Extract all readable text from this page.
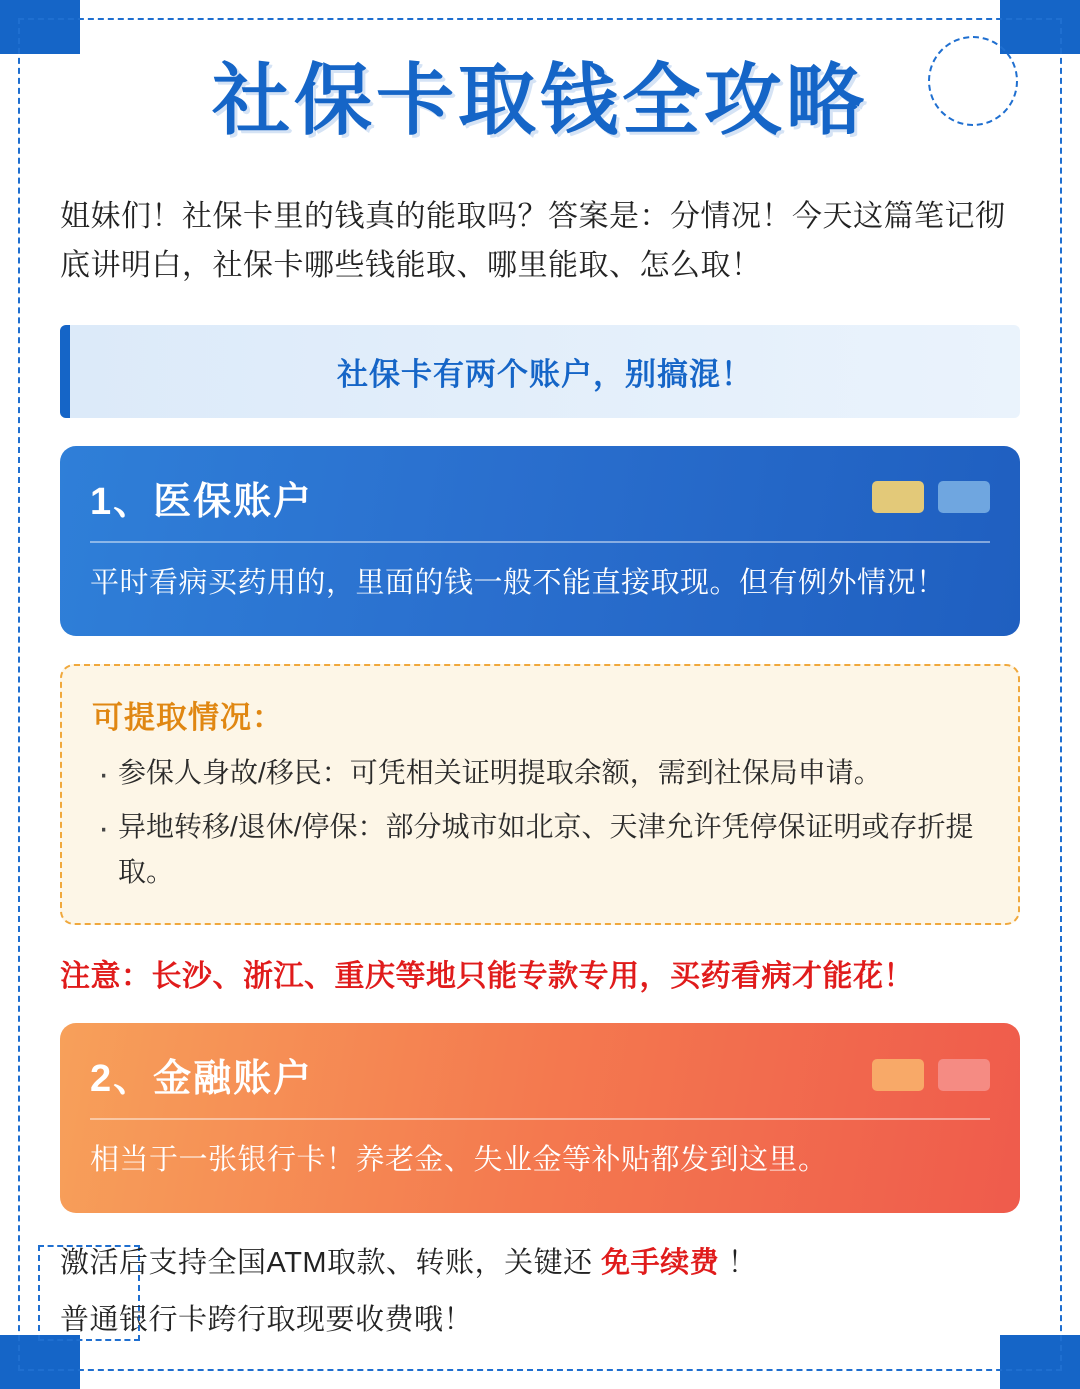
社保卡取钱全攻略
姐妹们！社保卡里的钱真的能取吗？答案是：分情况！今天这篇笔记彻底讲明白，社保卡哪些钱能取、哪里能取、怎么取！
社保卡有两个账户，别搞混！
1、医保账户
平时看病买药用的，里面的钱一般不能直接取现。但有例外情况！
可提取情况：
· 参保人身故/移民：可凭相关证明提取余额，需到社保局申请。
· 异地转移/退休/停保：部分城市如北京、天津允许凭停保证明或存折提取。
注意：长沙、浙江、重庆等地只能专款专用，买药看病才能花！
2、金融账户
相当于一张银行卡！养老金、失业金等补贴都发到这里。
激活后支持全国ATM取款、转账，关键还 免手续费 ！
普通银行卡跨行取现要收费哦！
